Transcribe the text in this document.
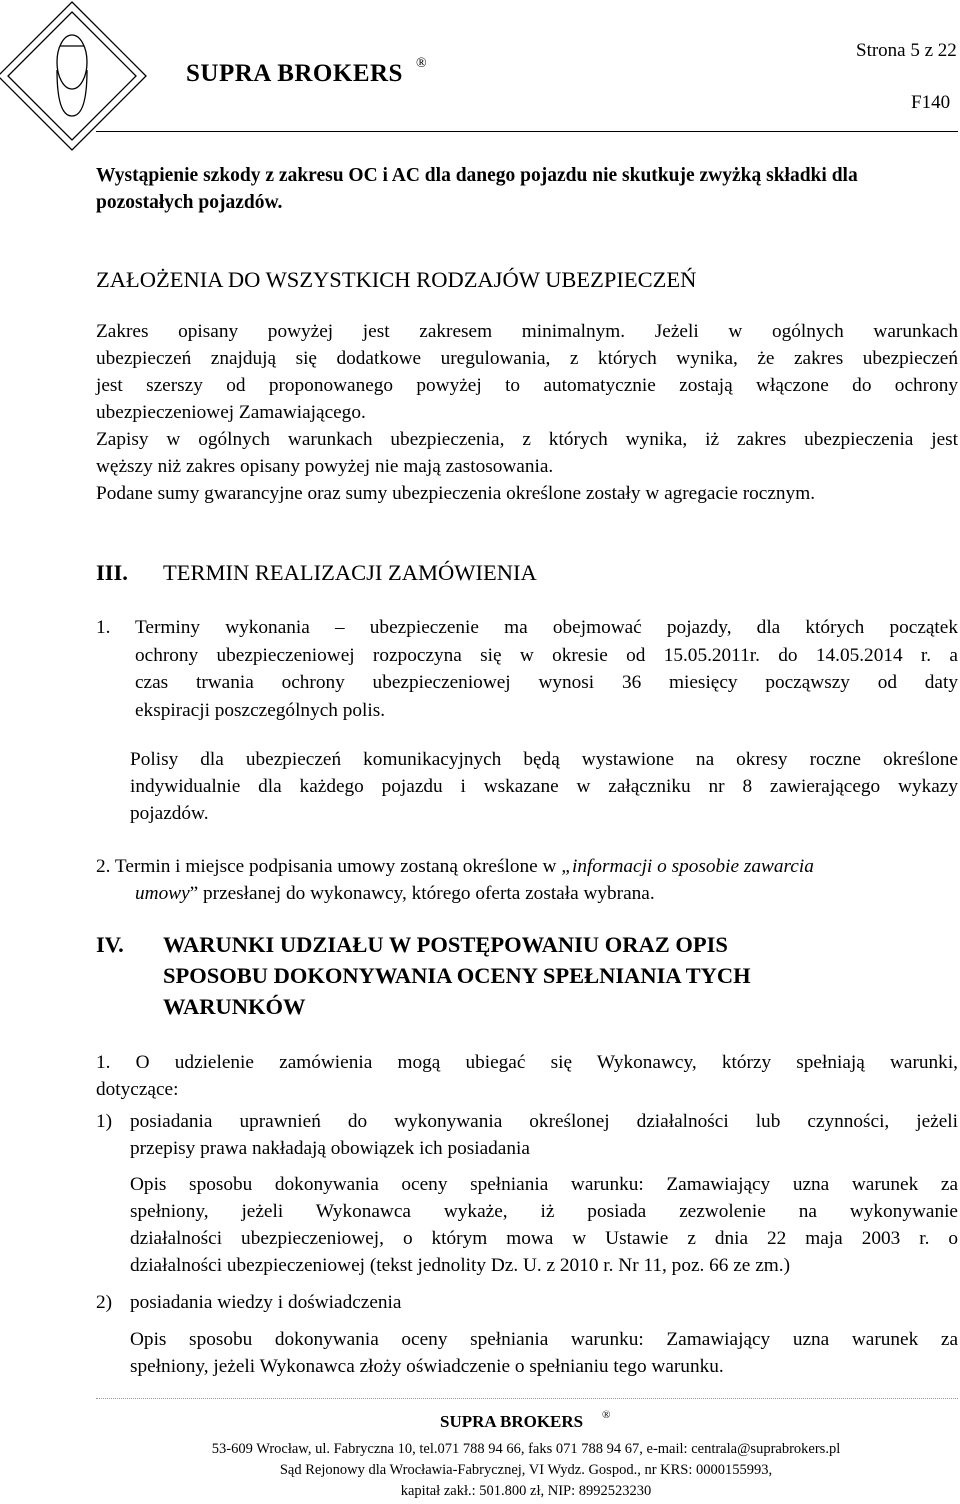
SUPRA BROKERS ®
Strona 5 z 22
F140
Wystąpienie szkody z zakresu OC i AC dla danego pojazdu nie skutkuje zwyżką składki dla pozostałych pojazdów.
ZAŁOŻENIA DO WSZYSTKICH RODZAJÓW UBEZPIECZEŃ
Zakres opisany powyżej jest zakresem minimalnym. Jeżeli w ogólnych warunkach
ubezpieczeń znajdują się dodatkowe uregulowania, z których wynika, że zakres ubezpieczeń
jest szerszy od proponowanego powyżej to automatycznie zostają włączone do ochrony
ubezpieczeniowej Zamawiającego.
Zapisy w ogólnych warunkach ubezpieczenia, z których wynika, iż zakres ubezpieczenia jest
węższy niż zakres opisany powyżej nie mają zastosowania.
Podane sumy gwarancyjne oraz sumy ubezpieczenia określone zostały w agregacie rocznym.
III. TERMIN REALIZACJI ZAMÓWIENIA
1. Terminy wykonania – ubezpieczenie ma obejmować pojazdy, dla których początek
ochrony ubezpieczeniowej rozpoczyna się w okresie od 15.05.2011r. do 14.05.2014 r. a
czas trwania ochrony ubezpieczeniowej wynosi 36 miesięcy począwszy od daty
ekspiracji poszczególnych polis.
Polisy dla ubezpieczeń komunikacyjnych będą wystawione na okresy roczne określone
indywidualnie dla każdego pojazdu i wskazane w załączniku nr 8 zawierającego wykazy
pojazdów.
2. Termin i miejsce podpisania umowy zostaną określone w „informacji o sposobie zawarcia
umowy” przesłanej do wykonawcy, którego oferta została wybrana.
IV. WARUNKI UDZIAŁU W POSTĘPOWANIU ORAZ OPIS
SPOSOBU DOKONYWANIA OCENY SPEŁNIANIA TYCH
WARUNKÓW
1. O udzielenie zamówienia mogą ubiegać się Wykonawcy, którzy spełniają warunki,
dotyczące:
1) posiadania uprawnień do wykonywania określonej działalności lub czynności, jeżeli
przepisy prawa nakładają obowiązek ich posiadania
Opis sposobu dokonywania oceny spełniania warunku: Zamawiający uzna warunek za
spełniony, jeżeli Wykonawca wykaże, iż posiada zezwolenie na wykonywanie
działalności ubezpieczeniowej, o którym mowa w Ustawie z dnia 22 maja 2003 r. o
działalności ubezpieczeniowej (tekst jednolity Dz. U. z 2010 r. Nr 11, poz. 66 ze zm.)
2) posiadania wiedzy i doświadczenia
Opis sposobu dokonywania oceny spełniania warunku: Zamawiający uzna warunek za
spełniony, jeżeli Wykonawca złoży oświadczenie o spełnianiu tego warunku.
SUPRA BROKERS ®
53-609 Wrocław, ul. Fabryczna 10, tel.071 788 94 66, faks 071 788 94 67, e-mail: centrala@suprabrokers.pl
Sąd Rejonowy dla Wrocławia-Fabrycznej, VI Wydz. Gospod., nr KRS: 0000155993,
kapitał zakł.: 501.800 zł, NIP: 8992523230
